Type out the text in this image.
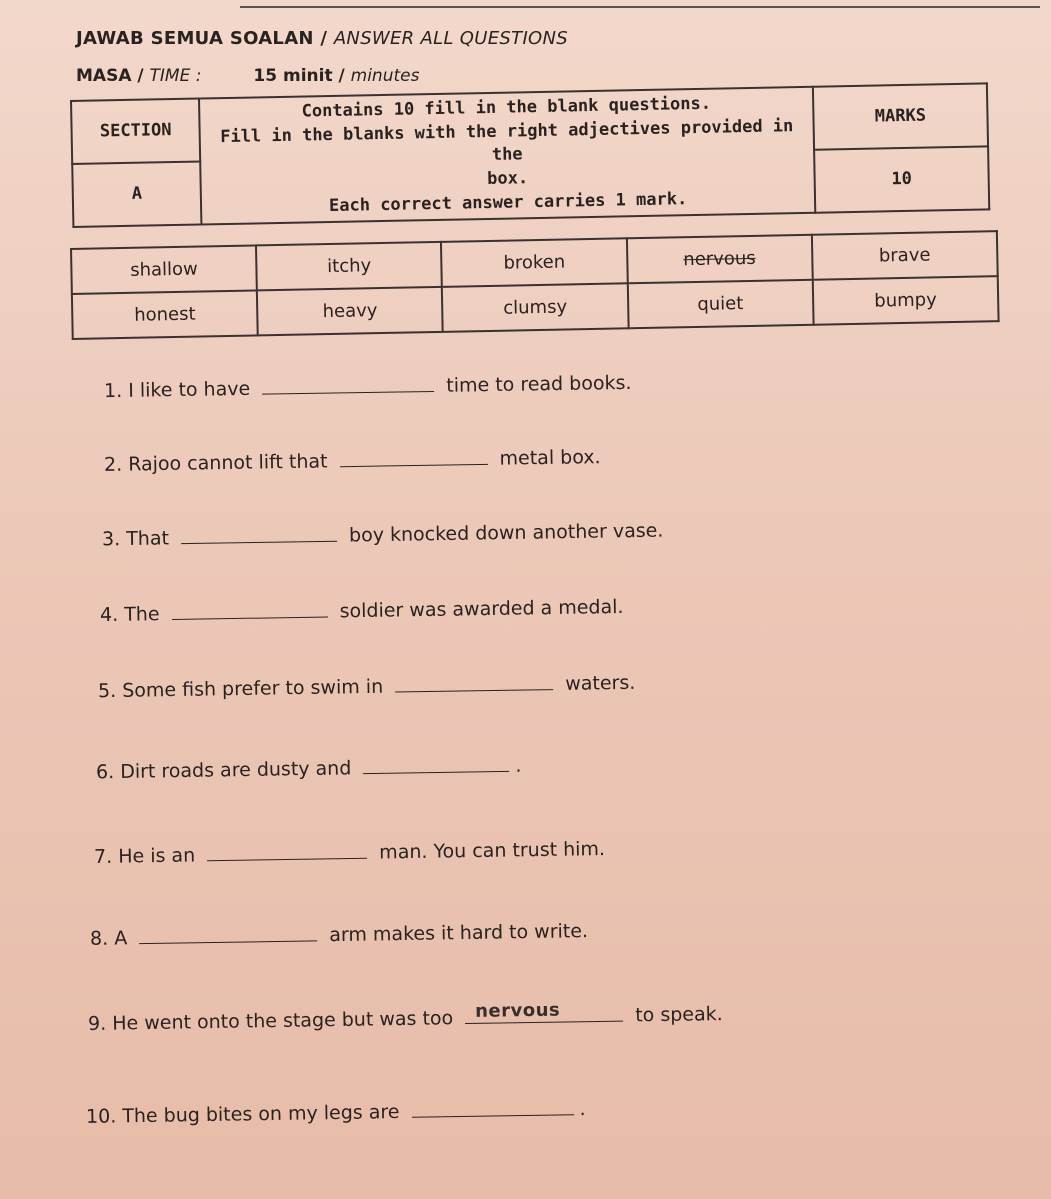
JAWAB SEMUA SOALAN / ANSWER ALL QUESTIONS
MASA / TIME :	15 minit / minutes
SECTION	Contains 10 fill in the blank questions.
Fill in the blanks with the right adjectives provided in the
box.
Each correct answer carries 1 mark.	MARKS
A		10
shallow	itchy	broken	nervous	brave
honest	heavy	clumsy	quiet	bumpy
1. I like to have	time to read books.
2. Rajoo cannot lift that	metal box.
3. That	boy knocked down another vase.
4. The	soldier was awarded a medal.
5. Some fish prefer to swim in	waters.
6. Dirt roads are dusty and	.
7. He is an	man. You can trust him.
8. A	arm makes it hard to write.
9. He went onto the stage but was too nervous	to speak.
10. The bug bites on my legs are	.
